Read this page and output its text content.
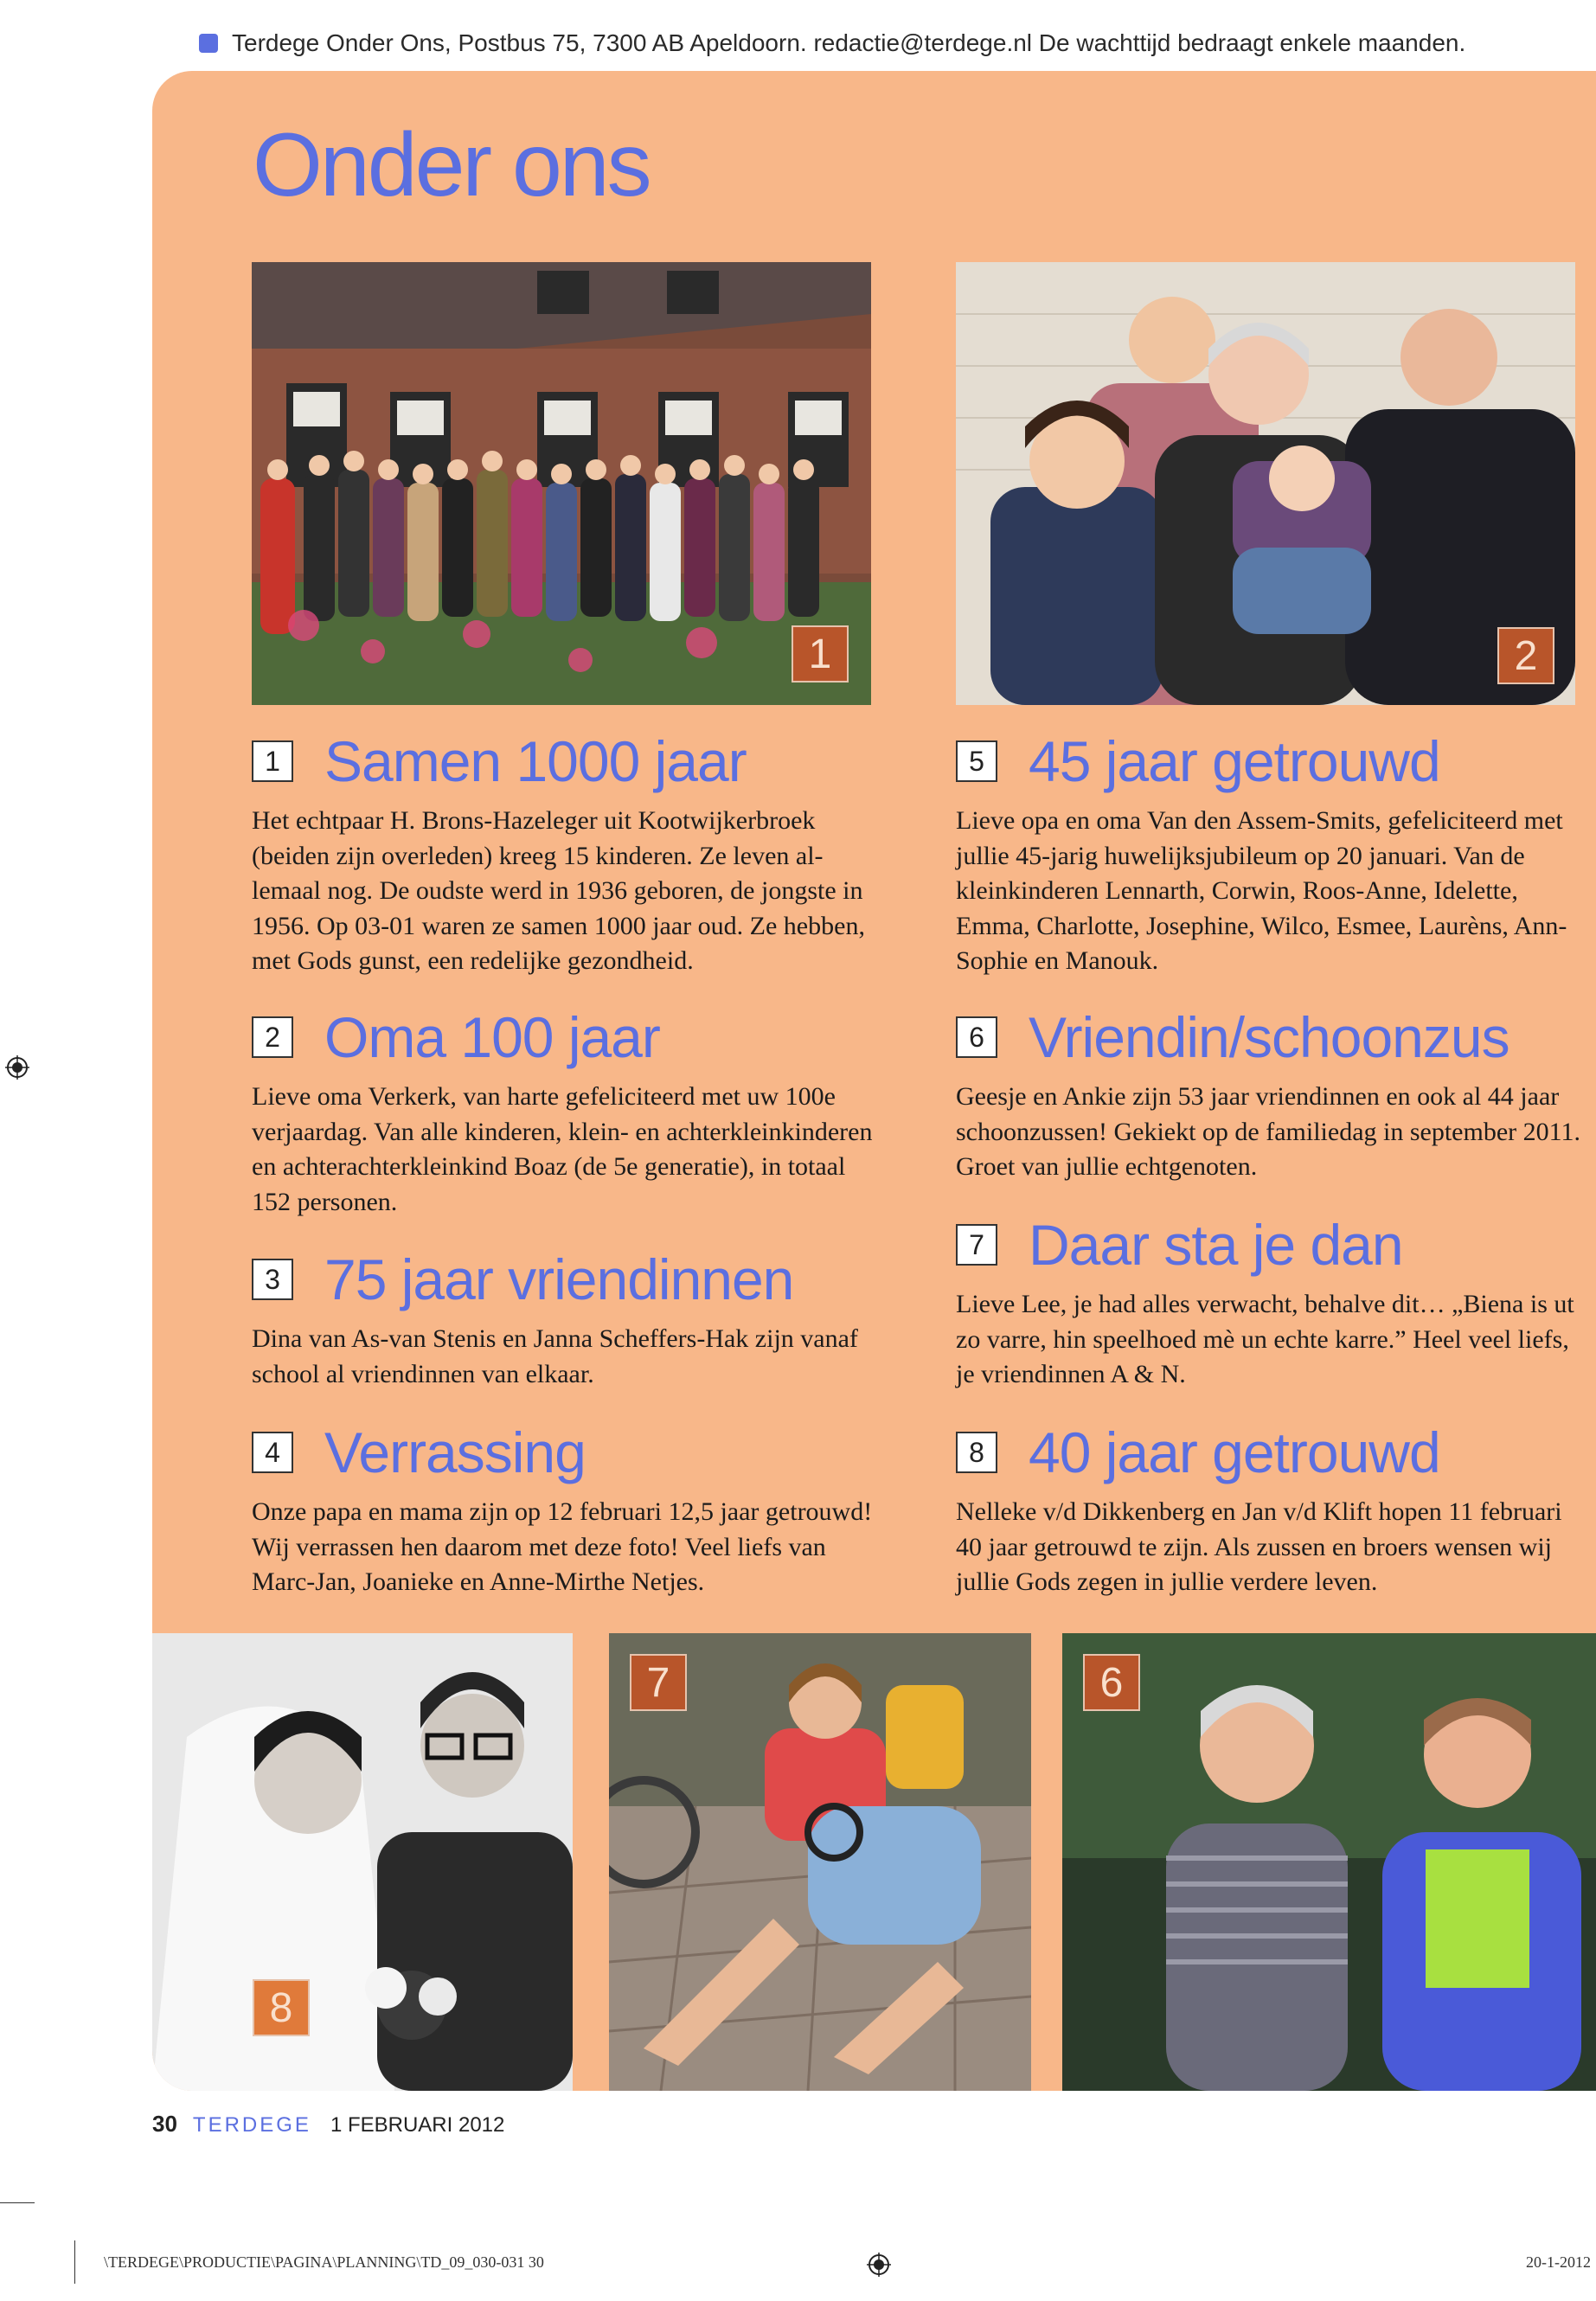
Terdege Onder Ons, Postbus 75, 7300 AB Apeldoorn. redactie@terdege.nl De wachttijd bedraagt enkele maanden.
Onder ons
1	2
1 Samen 1000 jaar
Het echtpaar H. Brons-Hazeleger uit Kootwijkerbroek (beiden zijn overleden) kreeg 15 kinderen. Ze leven allemaal nog. De oudste werd in 1936 geboren, de jongste in 1956. Op 03-01 waren ze samen 1000 jaar oud. Ze hebben, met Gods gunst, een redelijke gezondheid.
2 Oma 100 jaar
Lieve oma Verkerk, van harte gefeliciteerd met uw 100e verjaardag. Van alle kinderen, klein- en achterkleinkinderen en achterachterkleinkind Boaz (de 5e generatie), in totaal 152 personen.
3 75 jaar vriendinnen
Dina van As-van Stenis en Janna Scheffers-Hak zijn vanaf school al vriendinnen van elkaar.
4 Verrassing
Onze papa en mama zijn op 12 februari 12,5 jaar getrouwd! Wij verrassen hen daarom met deze foto! Veel liefs van Marc-Jan, Joanieke en Anne-Mirthe Netjes.
5 45 jaar getrouwd
Lieve opa en oma Van den Assem-Smits, gefeliciteerd met jullie 45-jarig huwelijksjubileum op 20 januari. Van de kleinkinderen Lennarth, Corwin, Roos-Anne, Idelette, Emma, Charlotte, Josephine, Wilco, Esmee, Laurèns, Ann-Sophie en Manouk.
6 Vriendin/schoonzus
Geesje en Ankie zijn 53 jaar vriendinnen en ook al 44 jaar schoonzussen! Gekiekt op de familiedag in september 2011. Groet van jullie echtgenoten.
7 Daar sta je dan
Lieve Lee, je had alles verwacht, behalve dit… „Biena is ut zo varre, hin speelhoed mè un echte karre.” Heel veel liefs, je vriendinnen A & N.
8 40 jaar getrouwd
Nelleke v/d Dikkenberg en Jan v/d Klift hopen 11 februari 40 jaar getrouwd te zijn. Als zussen en broers wensen wij jullie Gods zegen in jullie verdere leven.
8
7	6
30 TERDEGE 1 FEBRUARI 2012
\TERDEGE\PRODUCTIE\PAGINA\PLANNING\TD_09_030-031 30	20-1-2012
